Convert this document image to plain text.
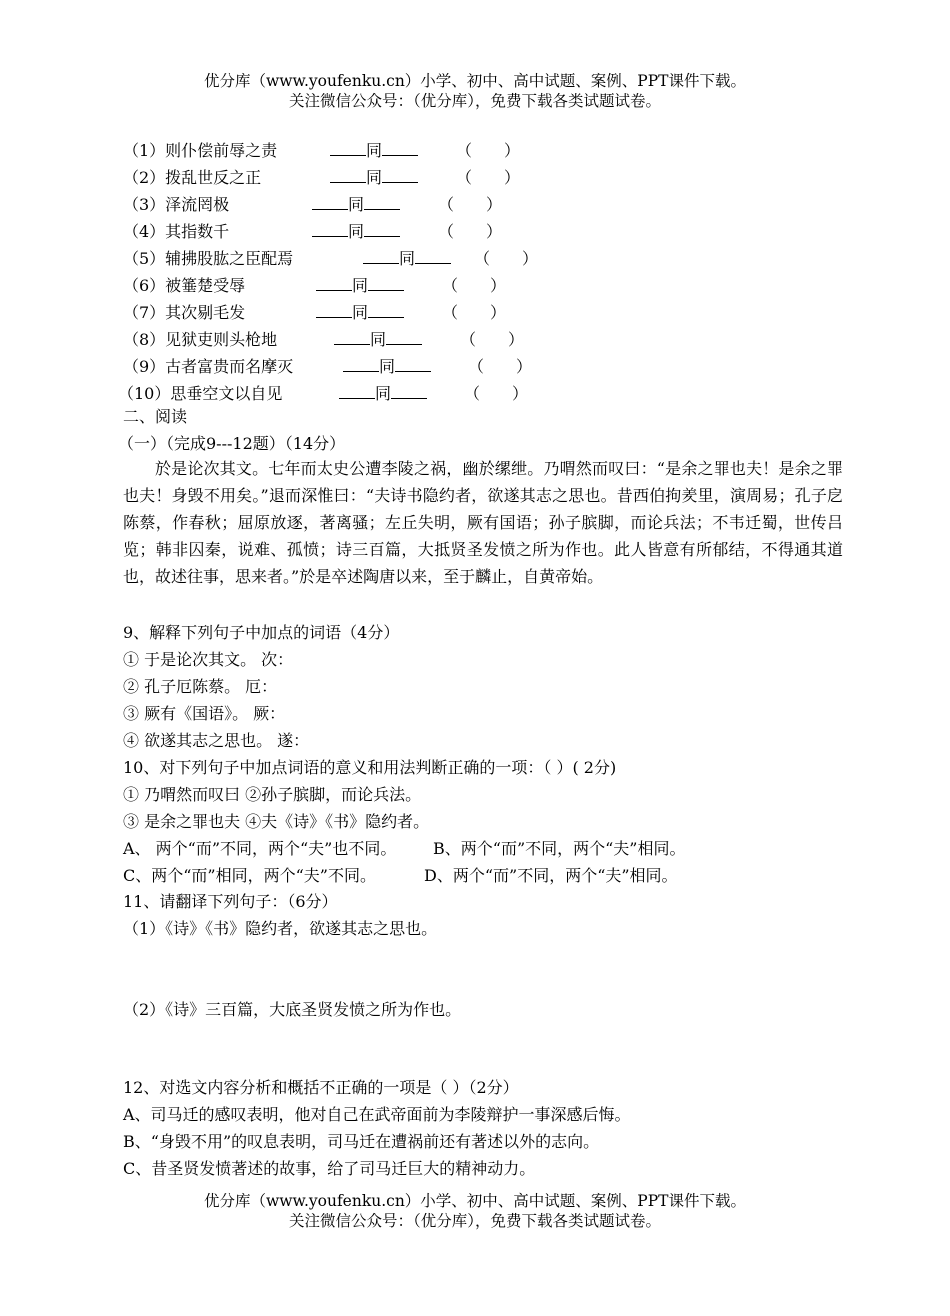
优分库（www.youfenku.cn）小学、初中、高中试题、案例、PPT课件下载。
关注微信公众号：（优分库），免费下载各类试题试卷。
（1）则仆偿前辱之责	同	（　　）
（2）拨乱世反之正	同	（　　）
（3）泽流罔极	同	（　　）
（4）其指数千	同	（　　）
（5）辅拂股肱之臣配焉	同	（　　）
（6）被箠楚受辱	同	（　　）
（7）其次剔毛发	同	（　　）
（8）见狱吏则头枪地	同	（　　）
（9）古者富贵而名摩灭	同	（　　）
（10）思垂空文以自见	同	（　　）
二、阅读
（一）（完成9---12题）（14分）
於是论次其文。七年而太史公遭李陵之祸，幽於缧绁。乃喟然而叹曰：“是余之罪也夫！是余之罪也夫！身毁不用矣。”退而深惟曰：“夫诗书隐约者，欲遂其志之思也。昔西伯拘羑里，演周易；孔子戹陈蔡，作春秋；屈原放逐，著离骚；左丘失明，厥有国语；孙子膑脚，而论兵法；不韦迁蜀，世传吕览；韩非囚秦，说难、孤愤；诗三百篇，大抵贤圣发愤之所为作也。此人皆意有所郁结，不得通其道也，故述往事，思来者。”於是卒述陶唐以来，至于麟止，自黄帝始。
9、解释下列句子中加点的词语（4分）
① 于是论次其文。 次：
② 孔子厄陈蔡。 厄：
③ 厥有《国语》。 厥：
④ 欲遂其志之思也。 遂：
10、对下列句子中加点词语的意义和用法判断正确的一项：（ ）( 2分)
① 乃喟然而叹曰 ②孙子膑脚，而论兵法。
③ 是余之罪也夫 ④夫《诗》《书》隐约者。
A、 两个“而”不同，两个“夫”也不同。 B、两个“而”不同，两个“夫”相同。
C、两个“而”相同，两个“夫”不同。	D、两个“而”不同，两个“夫”相同。
11、请翻译下列句子：（6分）
（1）《诗》《书》隐约者，欲遂其志之思也。
（2）《诗》三百篇，大底圣贤发愤之所为作也。
12、对选文内容分析和概括不正确的一项是（ ）（2分）
A、司马迁的感叹表明，他对自己在武帝面前为李陵辩护一事深感后悔。
B、“身毁不用”的叹息表明，司马迁在遭祸前还有著述以外的志向。
C、昔圣贤发愤著述的故事，给了司马迁巨大的精神动力。
优分库（www.youfenku.cn）小学、初中、高中试题、案例、PPT课件下载。
关注微信公众号：（优分库），免费下载各类试题试卷。
